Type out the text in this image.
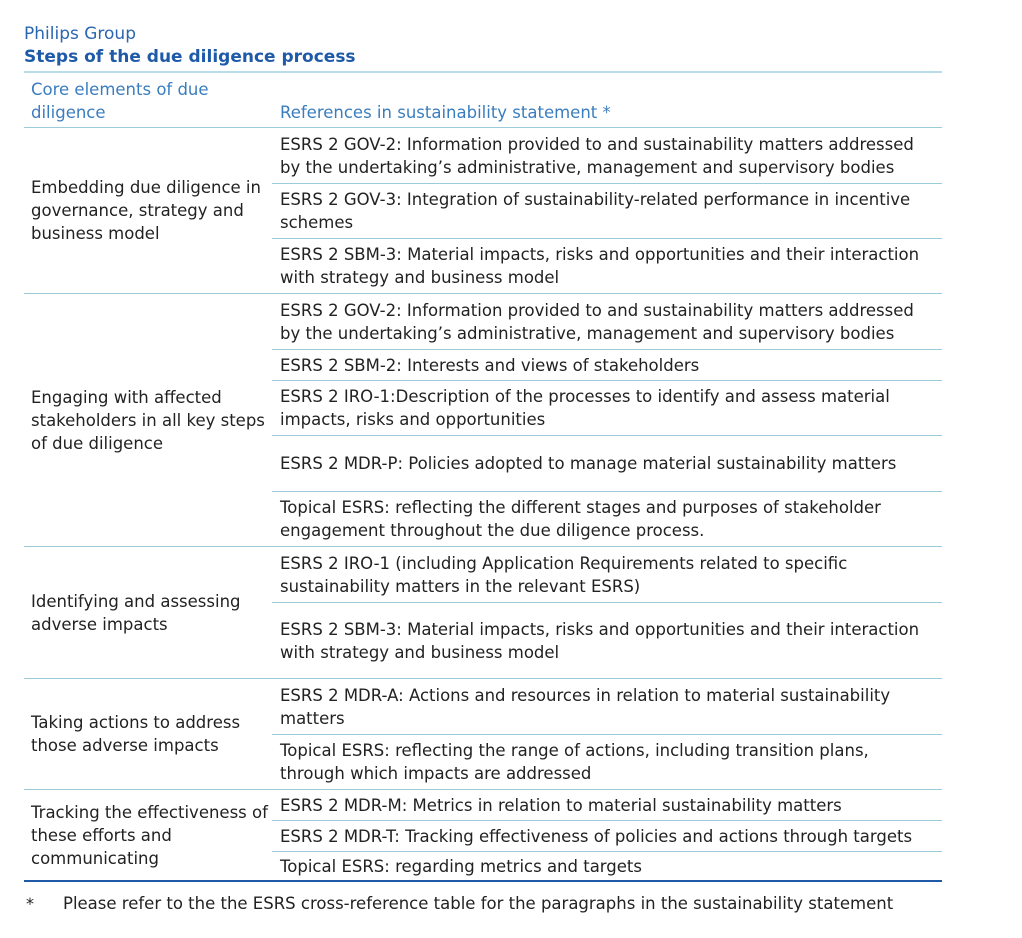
Philips Group
Steps of the due diligence process
Core elements of due diligence	References in sustainability statement *
Embedding due diligence in governance, strategy and business model
ESRS 2 GOV-2: Information provided to and sustainability matters addressed by the undertaking’s administrative, management and supervisory bodies
ESRS 2 GOV-3: Integration of sustainability-related performance in incentive schemes
ESRS 2 SBM-3: Material impacts, risks and opportunities and their interaction with strategy and business model
Engaging with affected stakeholders in all key steps of due diligence
ESRS 2 GOV-2: Information provided to and sustainability matters addressed by the undertaking’s administrative, management and supervisory bodies
ESRS 2 SBM-2: Interests and views of stakeholders
ESRS 2 IRO-1:Description of the processes to identify and assess material impacts, risks and opportunities
ESRS 2 MDR-P: Policies adopted to manage material sustainability matters
Topical ESRS: reflecting the different stages and purposes of stakeholder engagement throughout the due diligence process.
Identifying and assessing adverse impacts
ESRS 2 IRO-1 (including Application Requirements related to specific sustainability matters in the relevant ESRS)
ESRS 2 SBM-3: Material impacts, risks and opportunities and their interaction with strategy and business model
Taking actions to address those adverse impacts
ESRS 2 MDR-A: Actions and resources in relation to material sustainability matters
Topical ESRS: reflecting the range of actions, including transition plans, through which impacts are addressed
Tracking the effectiveness of these efforts and communicating
ESRS 2 MDR-M: Metrics in relation to material sustainability matters
ESRS 2 MDR-T: Tracking effectiveness of policies and actions through targets
Topical ESRS: regarding metrics and targets
* Please refer to the the ESRS cross-reference table for the paragraphs in the sustainability statement
